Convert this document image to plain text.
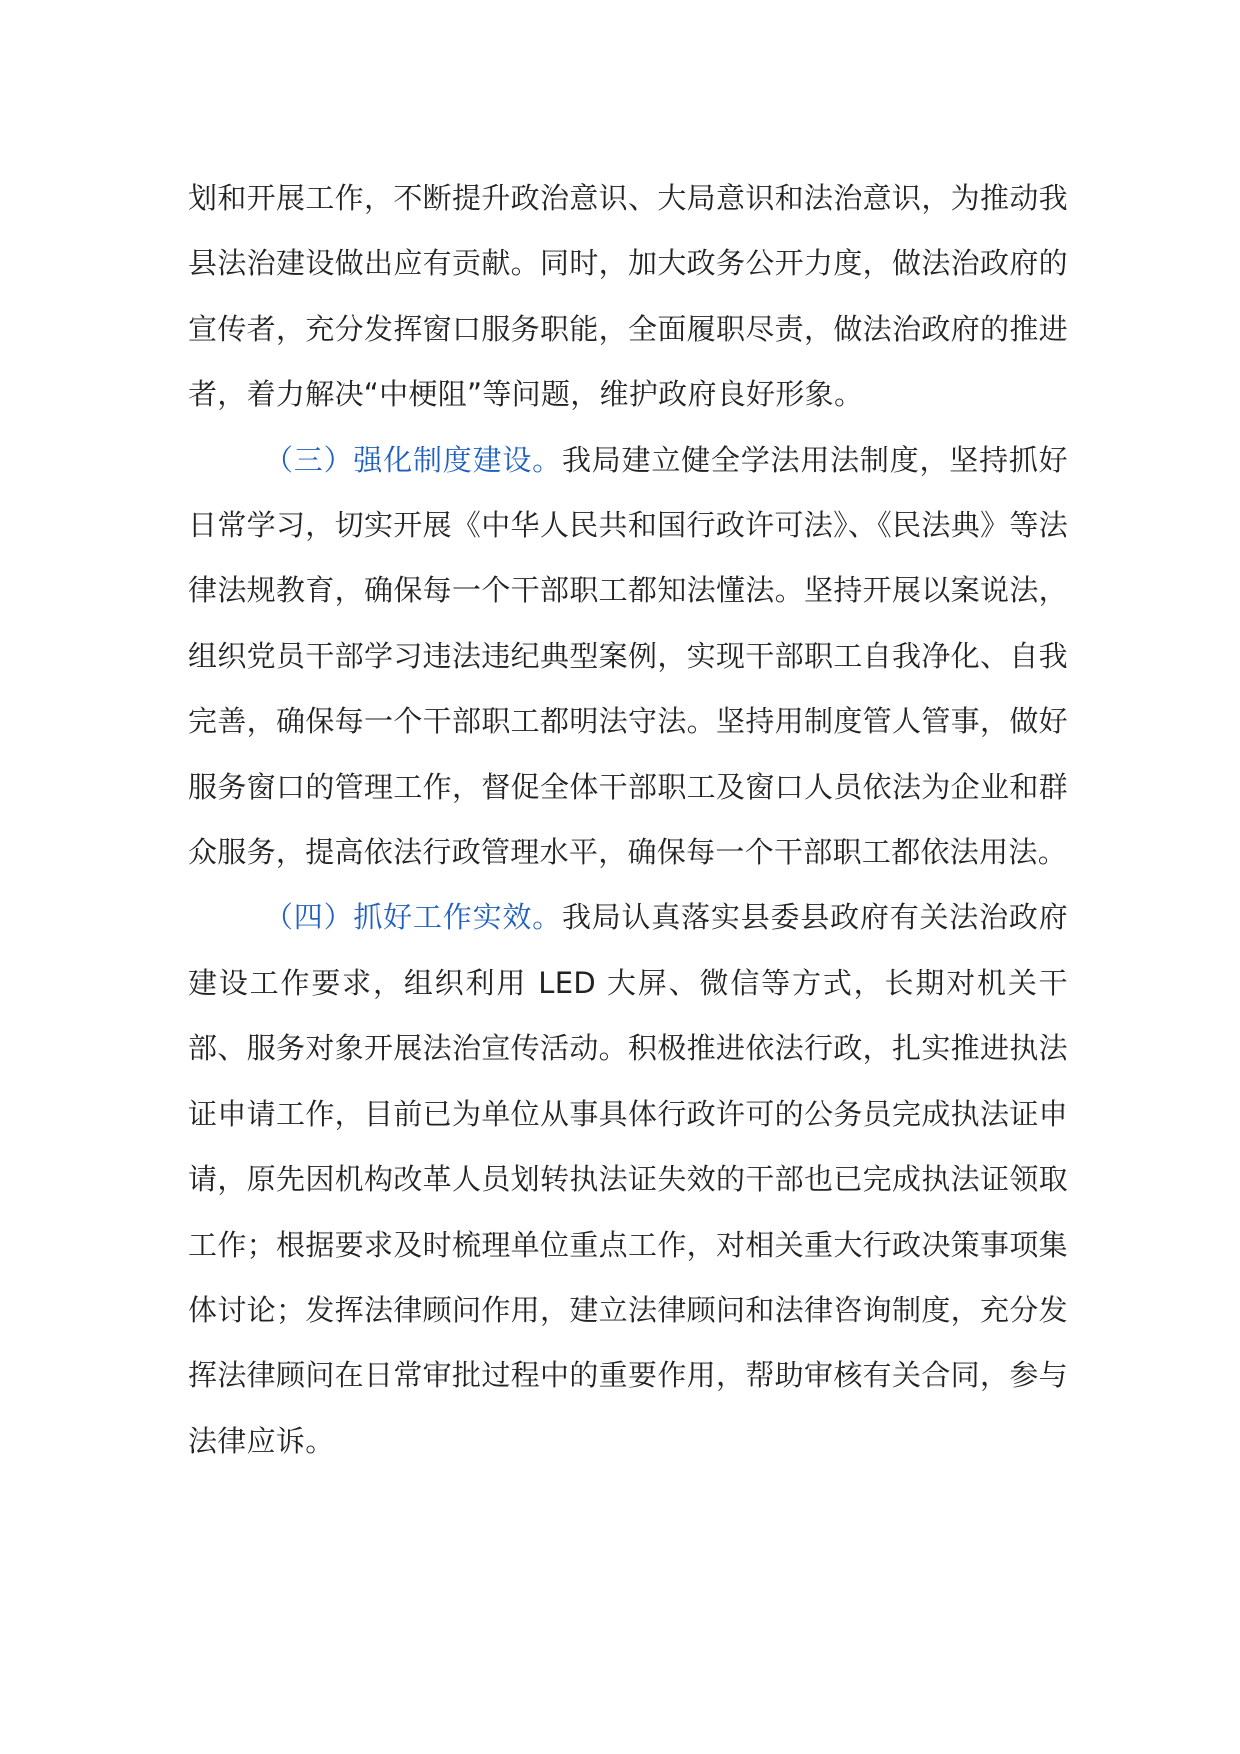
划和开展工作，不断提升政治意识、大局意识和法治意识，为推动我县法治建设做出应有贡献。同时，加大政务公开力度，做法治政府的宣传者，充分发挥窗口服务职能，全面履职尽责，做法治政府的推进者，着力解决“中梗阻”等问题，维护政府良好形象。

（三）强化制度建设。我局建立健全学法用法制度，坚持抓好日常学习，切实开展《中华人民共和国行政许可法》、《民法典》等法律法规教育，确保每一个干部职工都知法懂法。坚持开展以案说法，组织党员干部学习违法违纪典型案例，实现干部职工自我净化、自我完善，确保每一个干部职工都明法守法。坚持用制度管人管事，做好服务窗口的管理工作，督促全体干部职工及窗口人员依法为企业和群众服务，提高依法行政管理水平，确保每一个干部职工都依法用法。

（四）抓好工作实效。我局认真落实县委县政府有关法治政府建设工作要求，组织利用 LED 大屏、微信等方式，长期对机关干部、服务对象开展法治宣传活动。积极推进依法行政，扎实推进执法证申请工作，目前已为单位从事具体行政许可的公务员完成执法证申请，原先因机构改革人员划转执法证失效的干部也已完成执法证领取工作；根据要求及时梳理单位重点工作，对相关重大行政决策事项集体讨论；发挥法律顾问作用，建立法律顾问和法律咨询制度，充分发挥法律顾问在日常审批过程中的重要作用，帮助审核有关合同，参与法律应诉。
